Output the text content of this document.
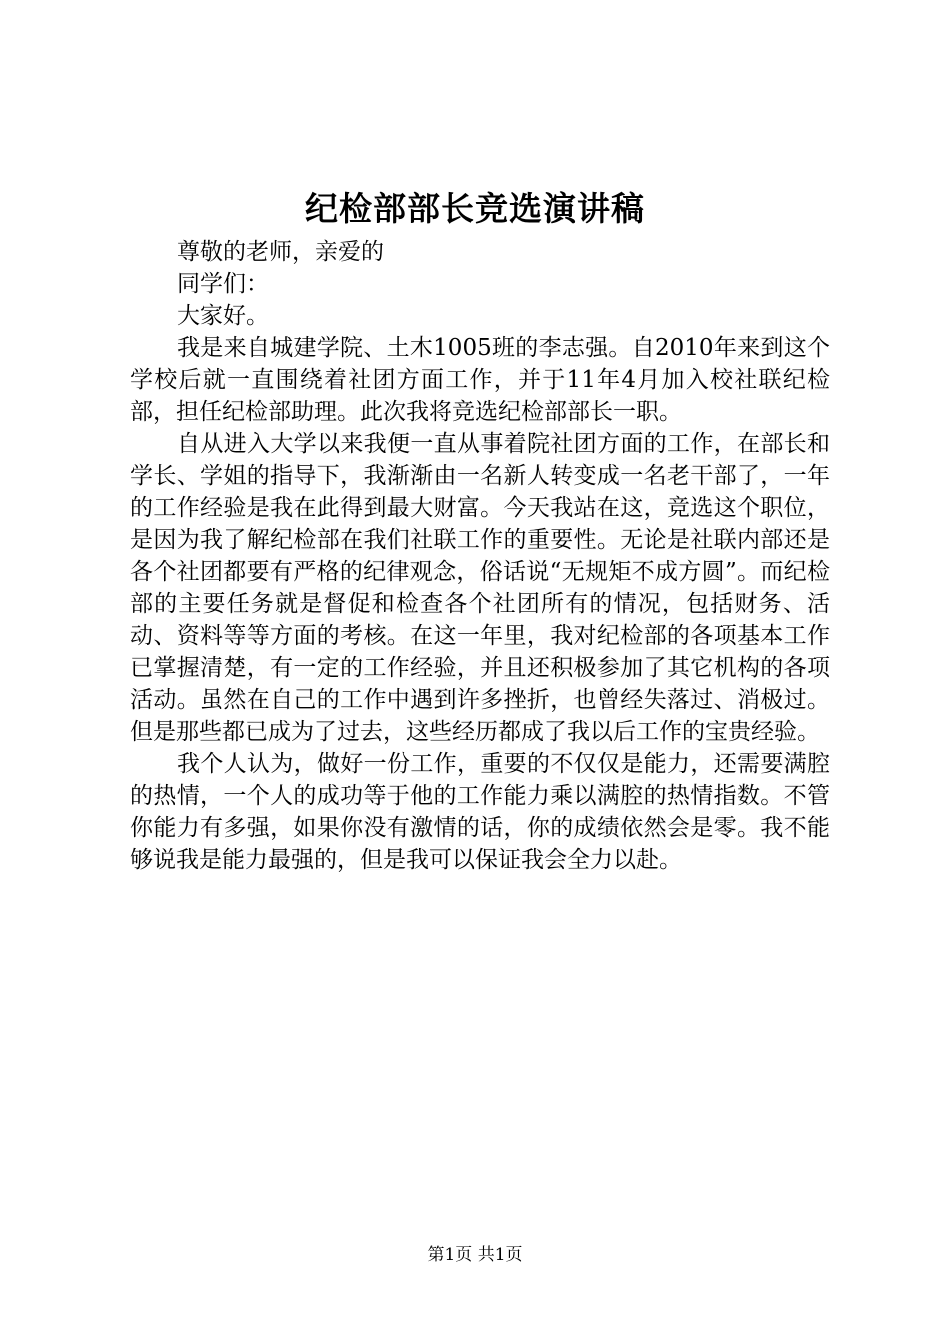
纪检部部长竞选演讲稿

尊敬的老师，亲爱的

同学们：

大家好。

我是来自城建学院、土木1005班的李志强。自2010年来到这个学校后就一直围绕着社团方面工作，并于11年4月加入校社联纪检部，担任纪检部助理。此次我将竞选纪检部部长一职。

自从进入大学以来我便一直从事着院社团方面的工作，在部长和学长、学姐的指导下，我渐渐由一名新人转变成一名老干部了，一年的工作经验是我在此得到最大财富。今天我站在这，竞选这个职位，是因为我了解纪检部在我们社联工作的重要性。无论是社联内部还是各个社团都要有严格的纪律观念，俗话说“无规矩不成方圆”。而纪检部的主要任务就是督促和检查各个社团所有的情况，包括财务、活动、资料等等方面的考核。在这一年里，我对纪检部的各项基本工作已掌握清楚，有一定的工作经验，并且还积极参加了其它机构的各项活动。虽然在自己的工作中遇到许多挫折，也曾经失落过、消极过。但是那些都已成为了过去，这些经历都成了我以后工作的宝贵经验。

我个人认为，做好一份工作，重要的不仅仅是能力，还需要满腔的热情，一个人的成功等于他的工作能力乘以满腔的热情指数。不管你能力有多强，如果你没有激情的话，你的成绩依然会是零。我不能够说我是能力最强的，但是我可以保证我会全力以赴。

第1页 共1页
